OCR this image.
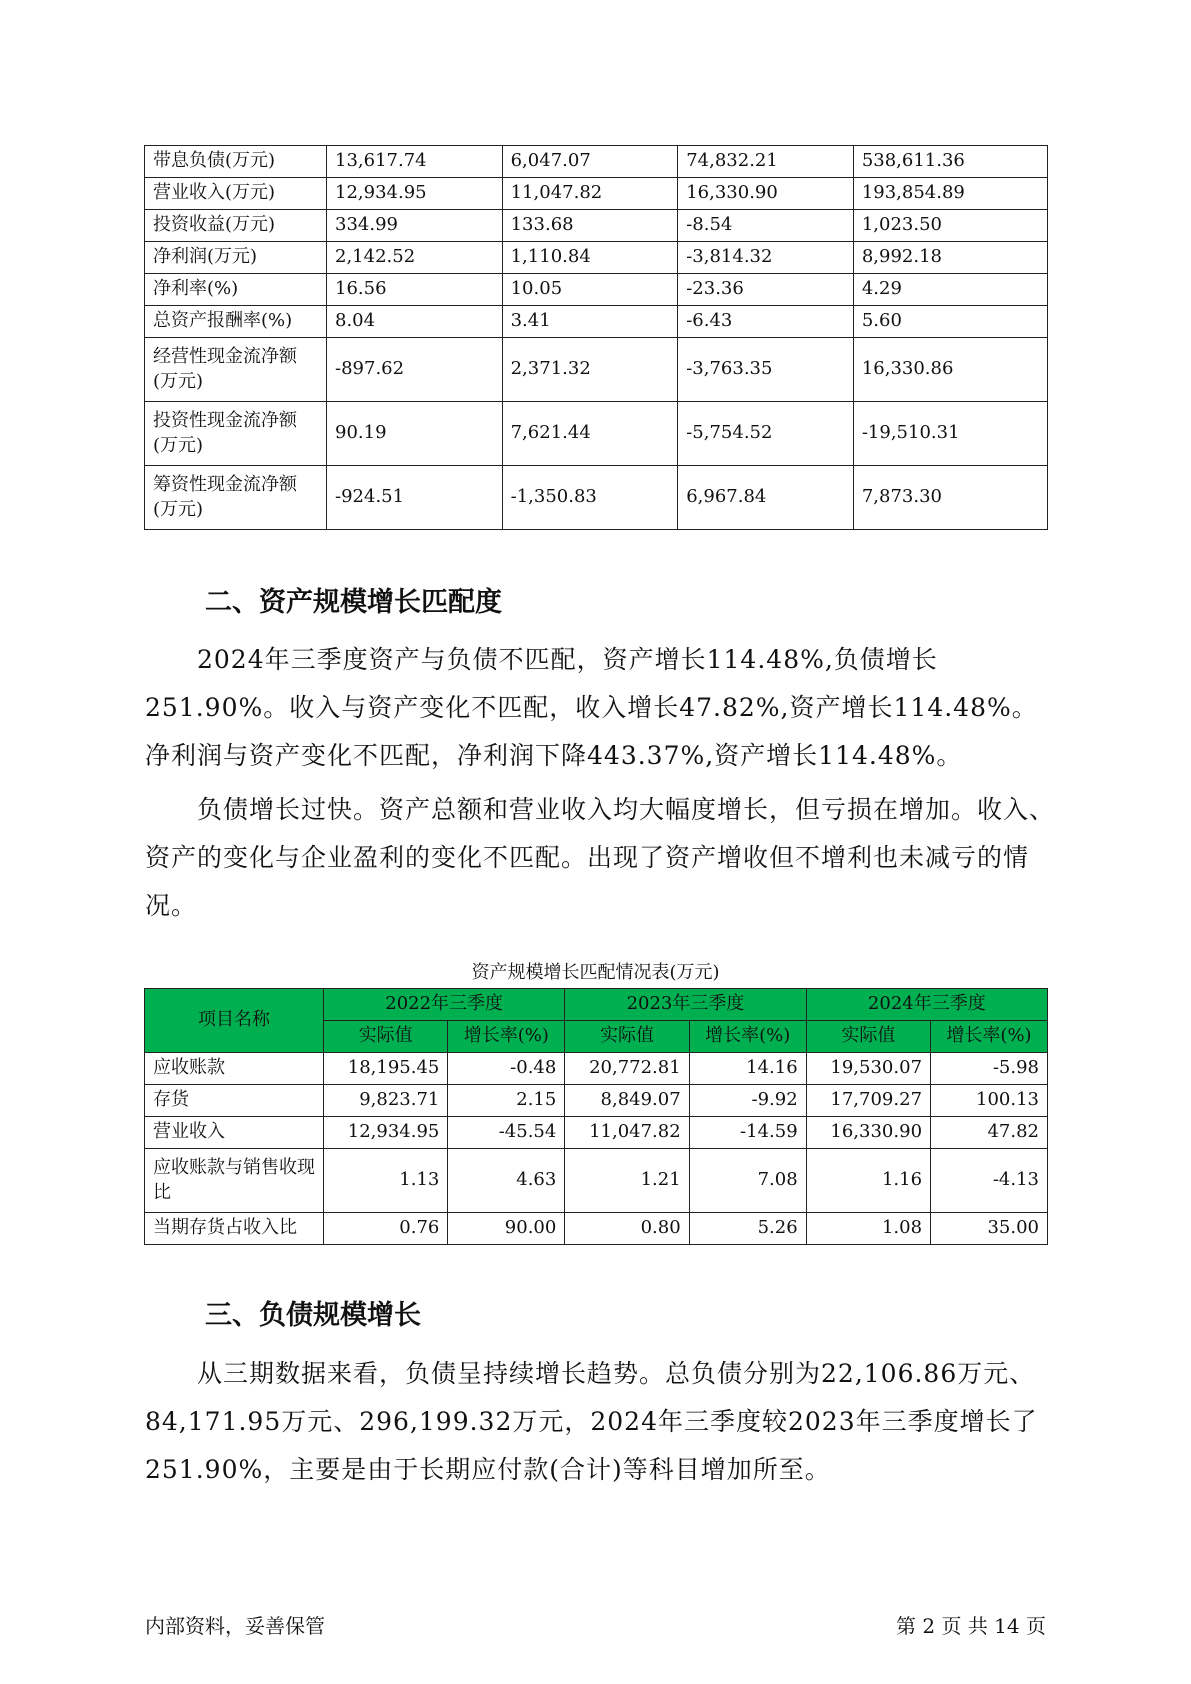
带息负债(万元)	13,617.74	6,047.07	74,832.21	538,611.36
营业收入(万元)	12,934.95	11,047.82	16,330.90	193,854.89
投资收益(万元)	334.99	133.68	-8.54	1,023.50
净利润(万元)	2,142.52	1,110.84	-3,814.32	8,992.18
净利率(%)	16.56	10.05	-23.36	4.29
总资产报酬率(%)	8.04	3.41	-6.43	5.60
经营性现金流净额(万元)	-897.62	2,371.32	-3,763.35	16,330.86
投资性现金流净额(万元)	90.19	7,621.44	-5,754.52	-19,510.31
筹资性现金流净额(万元)	-924.51	-1,350.83	6,967.84	7,873.30
二、资产规模增长匹配度

2024年三季度资产与负债不匹配，资产增长114.48%,负债增长251.90%。收入与资产变化不匹配，收入增长47.82%,资产增长114.48%。净利润与资产变化不匹配，净利润下降443.37%,资产增长114.48%。

负债增长过快。资产总额和营业收入均大幅度增长，但亏损在增加。收入、资产的变化与企业盈利的变化不匹配。出现了资产增收但不增利也未减亏的情况。

资产规模增长匹配情况表(万元)

项目名称	2022年三季度		2023年三季度		2024年三季度	
	实际值	增长率(%)	实际值	增长率(%)	实际值	增长率(%)
应收账款	18,195.45	-0.48	20,772.81	14.16	19,530.07	-5.98
存货	9,823.71	2.15	8,849.07	-9.92	17,709.27	100.13
营业收入	12,934.95	-45.54	11,047.82	-14.59	16,330.90	47.82
应收账款与销售收现比	1.13	4.63	1.21	7.08	1.16	-4.13
当期存货占收入比	0.76	90.00	0.80	5.26	1.08	35.00
三、负债规模增长

从三期数据来看，负债呈持续增长趋势。总负债分别为22,106.86万元、84,171.95万元、296,199.32万元，2024年三季度较2023年三季度增长了251.90%，主要是由于长期应付款(合计)等科目增加所至。

内部资料，妥善保管	第 2 页 共 14 页
